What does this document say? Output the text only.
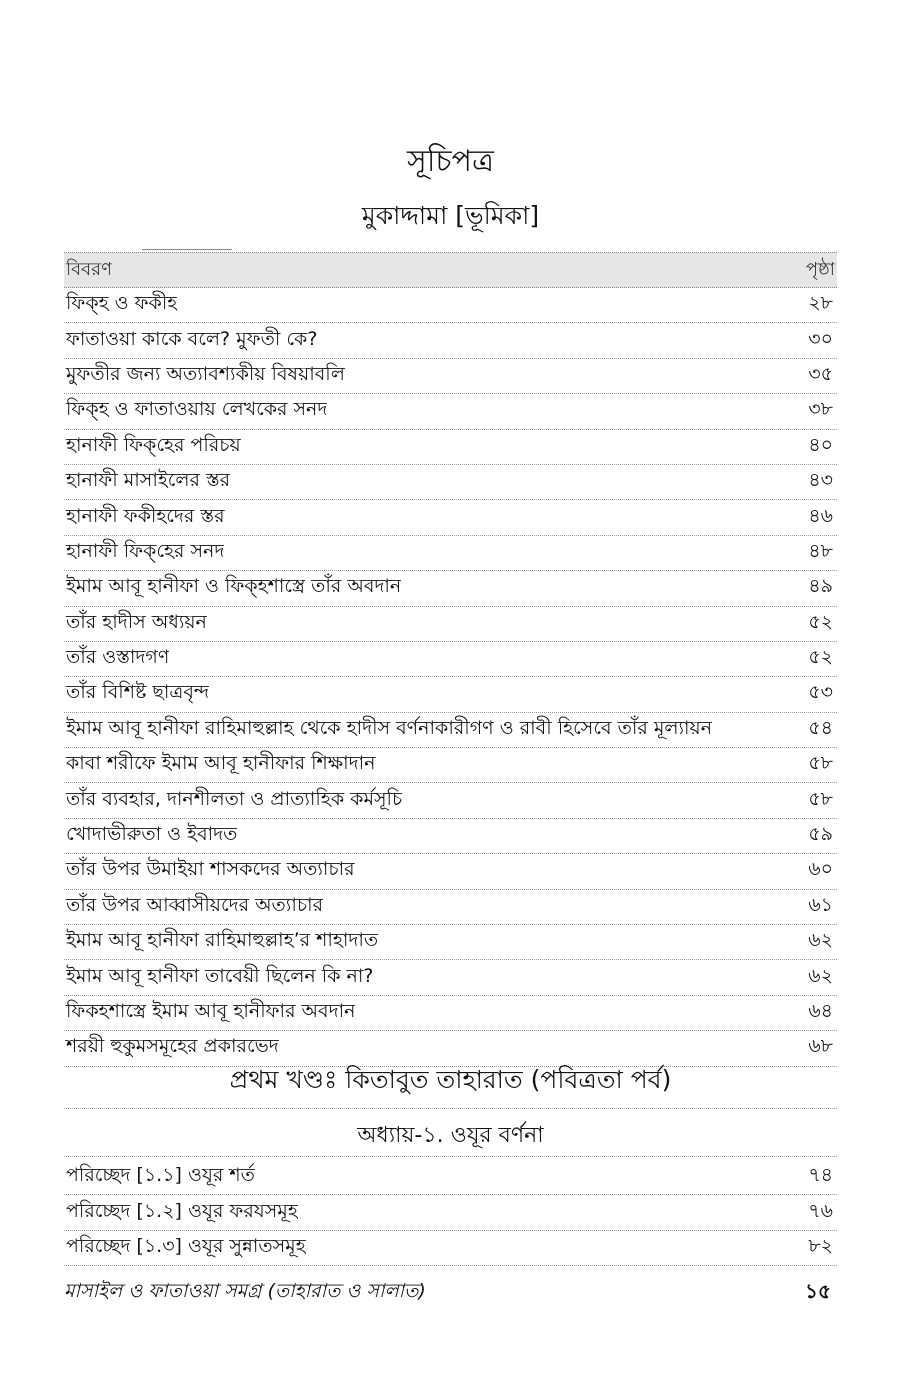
সূচিপত্র
মুকাদ্দামা [ভূমিকা]
বিবরণ	পৃষ্ঠা
ফিক্‌হ ও ফকীহ	২৮
ফাতাওয়া কাকে বলে? মুফতী কে?	৩০
মুফতীর জন্য অত্যাবশ্যকীয় বিষয়াবলি	৩৫
ফিক্‌হ ও ফাতাওয়ায় লেখকের সনদ	৩৮
হানাফী ফিক্‌হের পরিচয়	৪০
হানাফী মাসাইলের স্তর	৪৩
হানাফী ফকীহদের স্তর	৪৬
হানাফী ফিক্‌হের সনদ	৪৮
ইমাম আবূ হানীফা ও ফিক্‌হশাস্ত্রে তাঁর অবদান	৪৯
তাঁর হাদীস অধ্যয়ন	৫২
তাঁর ওস্তাদগণ	৫২
তাঁর বিশিষ্ট ছাত্রবৃন্দ	৫৩
ইমাম আবূ হানীফা রাহিমাহুল্লাহ থেকে হাদীস বর্ণনাকারীগণ ও রাবী হিসেবে তাঁর মূল্যায়ন	৫৪
কাবা শরীফে ইমাম আবূ হানীফার শিক্ষাদান	৫৮
তাঁর ব্যবহার, দানশীলতা ও প্রাত্যাহিক কর্মসূচি	৫৮
খোদাভীরুতা ও ইবাদত	৫৯
তাঁর উপর উমাইয়া শাসকদের অত্যাচার	৬০
তাঁর উপর আব্বাসীয়দের অত্যাচার	৬১
ইমাম আবূ হানীফা রাহিমাহুল্লাহ’র শাহাদাত	৬২
ইমাম আবূ হানীফা তাবেয়ী ছিলেন কি না?	৬২
ফিকহশাস্ত্রে ইমাম আবূ হানীফার অবদান	৬৪
শরয়ী হুকুমসমূহের প্রকারভেদ	৬৮
প্রথম খণ্ডঃ কিতাবুত তাহারাত (পবিত্রতা পর্ব)
অধ্যায়-১. ওযূর বর্ণনা
পরিচ্ছেদ [১.১] ওযূর শর্ত	৭৪
পরিচ্ছেদ [১.২] ওযূর ফরযসমূহ	৭৬
পরিচ্ছেদ [১.৩] ওযূর সুন্নাতসমূহ	৮২
মাসাইল ও ফাতাওয়া সমগ্র (তাহারাত ও সালাত)	১৫
